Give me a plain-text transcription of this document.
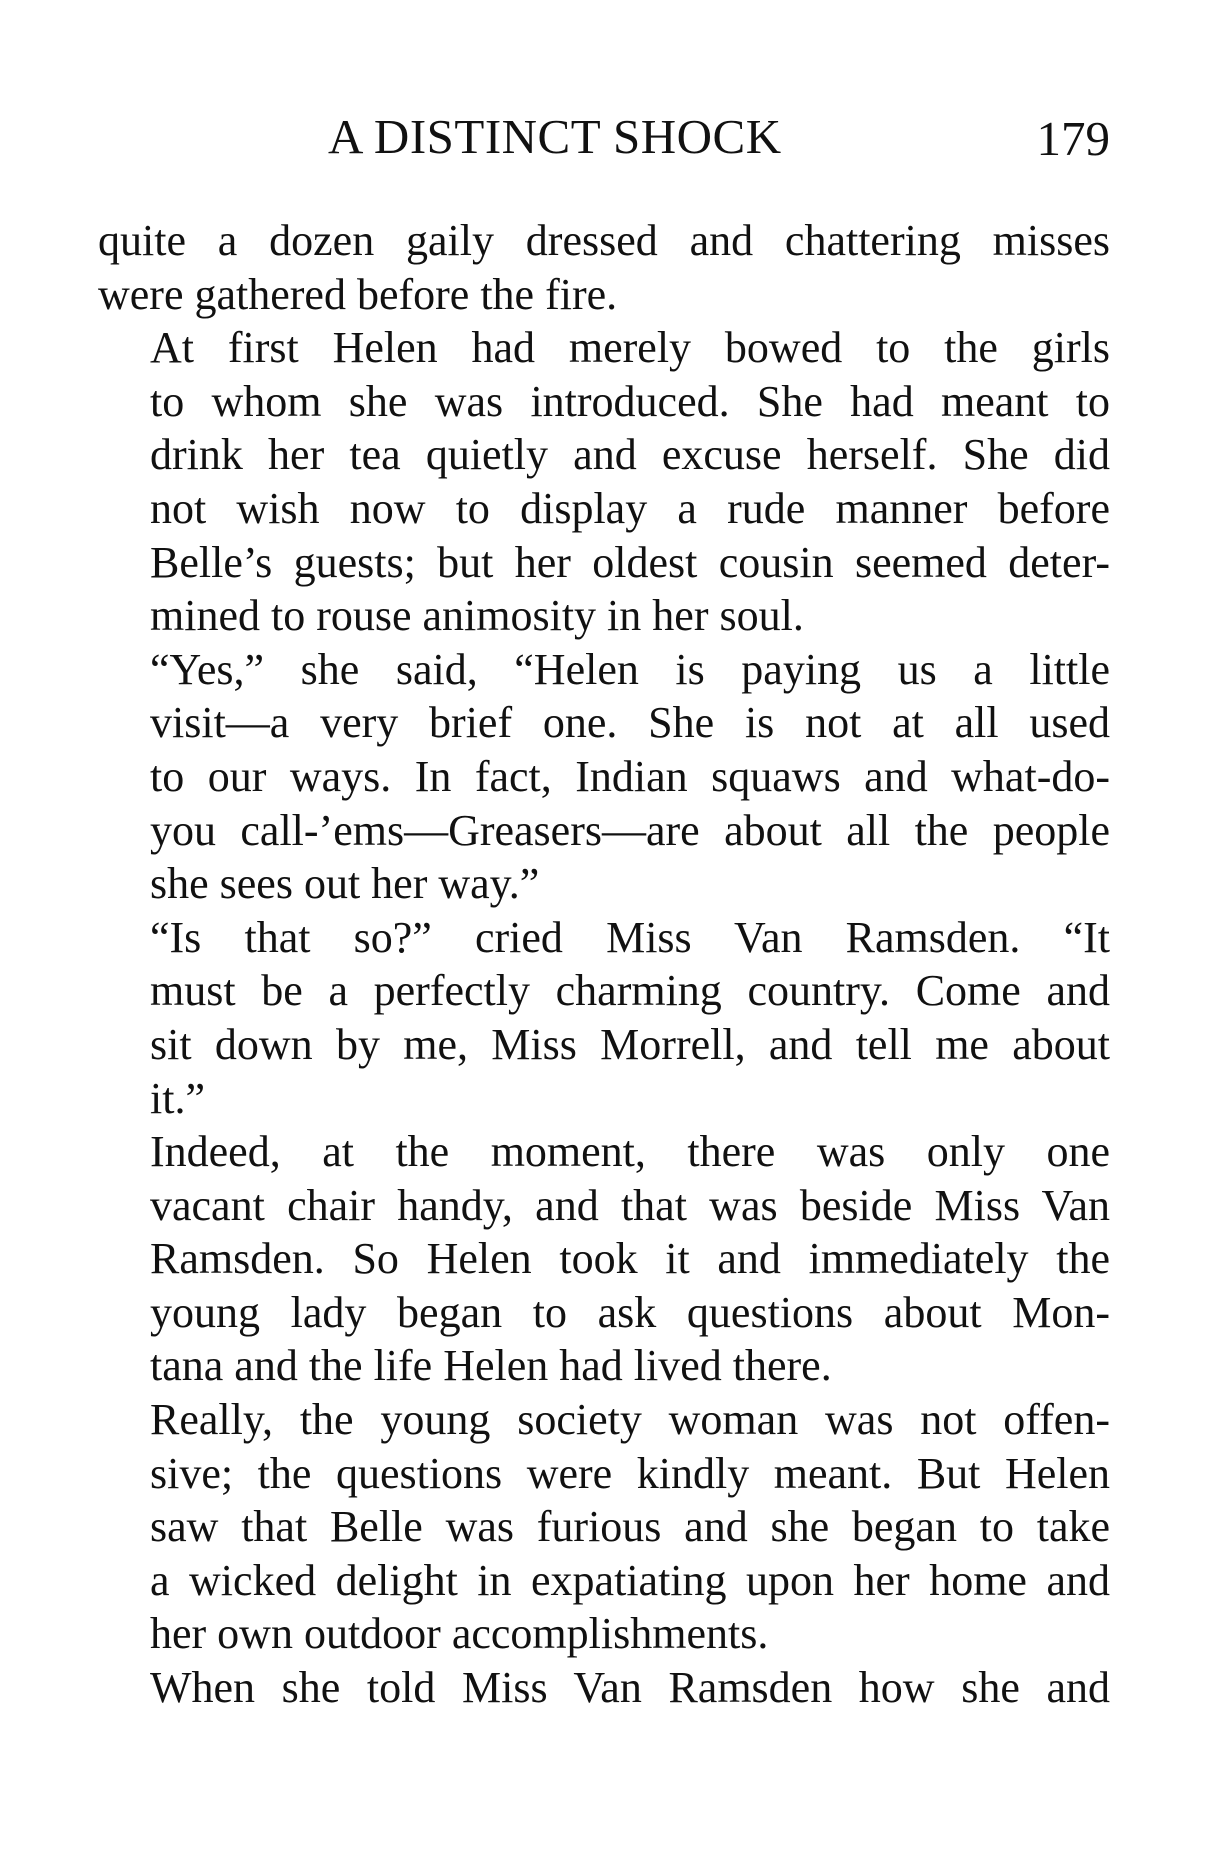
A DISTINCT SHOCK	179

quite a dozen gaily dressed and chattering misses
were gathered before the fire.

At first Helen had merely bowed to the girls
to whom she was introduced. She had meant to
drink her tea quietly and excuse herself. She did
not wish now to display a rude manner before
Belle’s guests; but her oldest cousin seemed deter-
mined to rouse animosity in her soul.

“Yes,” she said, “Helen is paying us a little
visit—a very brief one. She is not at all used
to our ways. In fact, Indian squaws and what-do-
you call-’ems—Greasers—are about all the people
she sees out her way.”

“Is that so?” cried Miss Van Ramsden. “It
must be a perfectly charming country. Come and
sit down by me, Miss Morrell, and tell me about
it.”

Indeed, at the moment, there was only one
vacant chair handy, and that was beside Miss Van
Ramsden. So Helen took it and immediately the
young lady began to ask questions about Mon-
tana and the life Helen had lived there.

Really, the young society woman was not offen-
sive; the questions were kindly meant. But Helen
saw that Belle was furious and she began to take
a wicked delight in expatiating upon her home and
her own outdoor accomplishments.

When she told Miss Van Ramsden how she and
